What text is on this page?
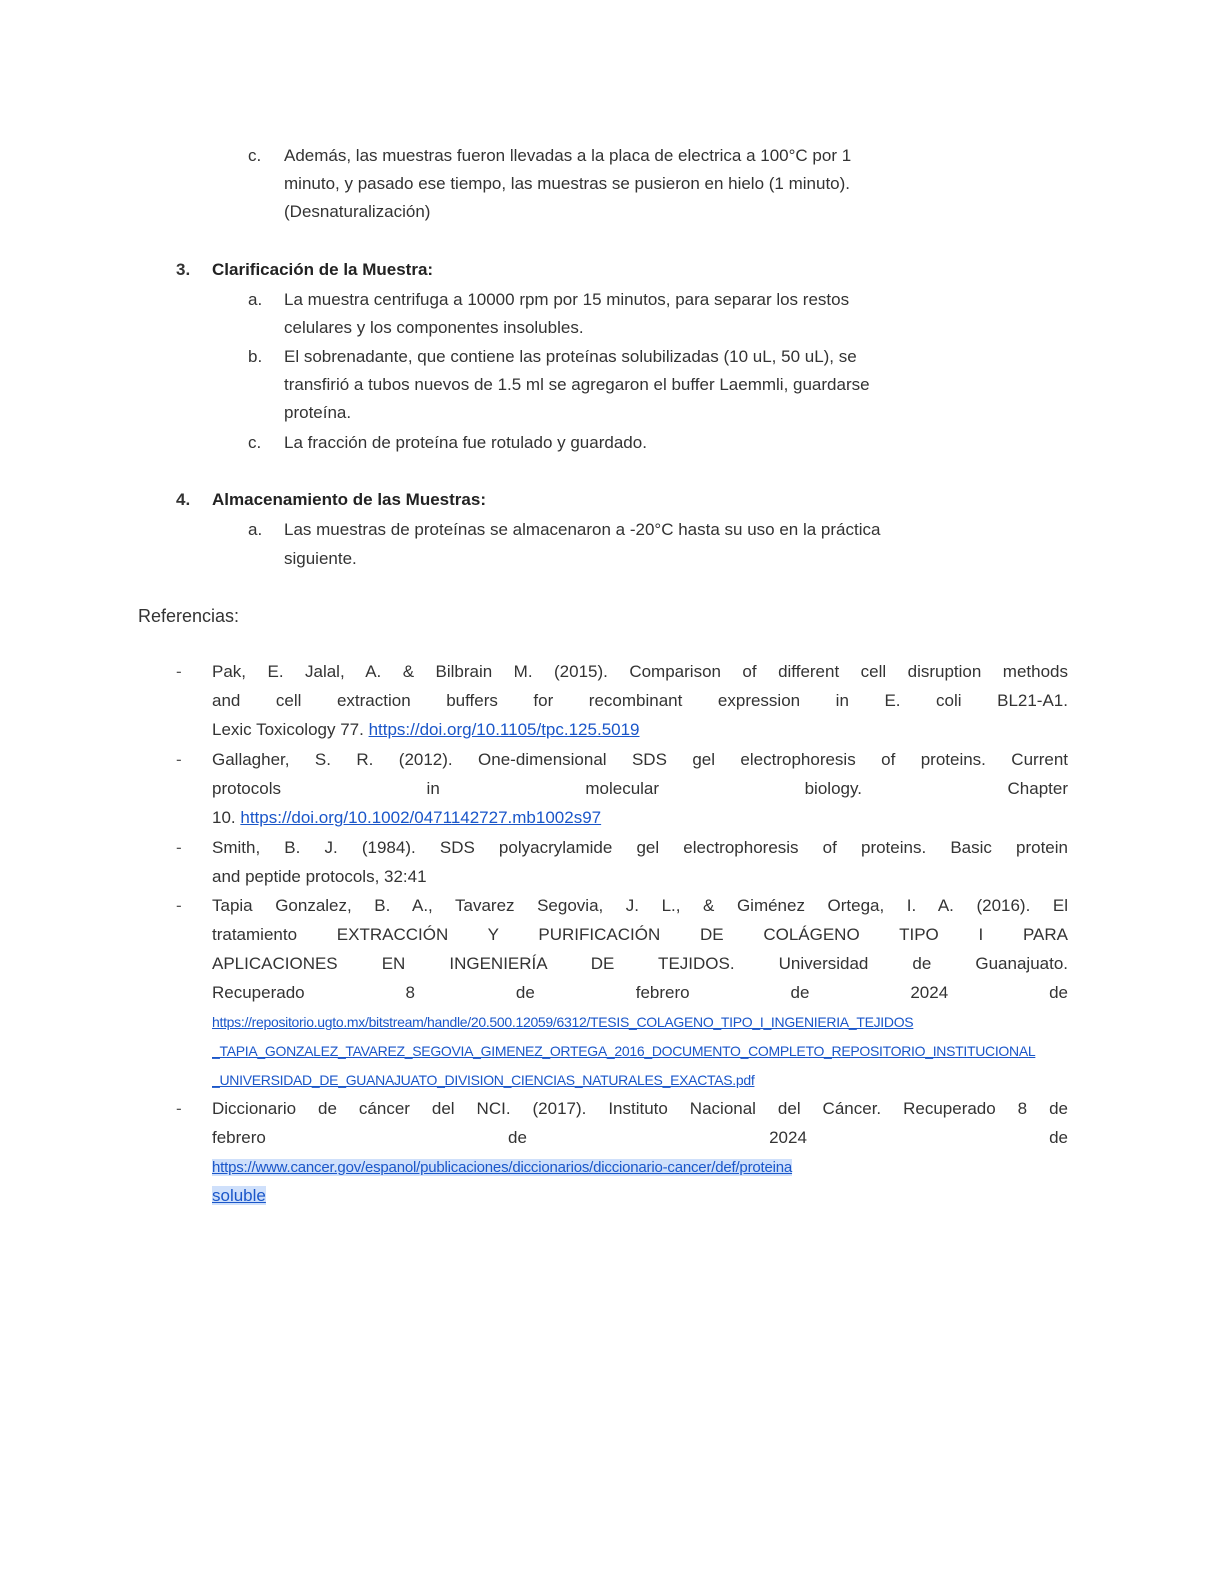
c. Además, las muestras fueron llevadas a la placa de electrica a 100°C por 1
minuto, y pasado ese tiempo, las muestras se pusieron en hielo (1 minuto).
(Desnaturalización)
3. Clarificación de la Muestra:
a. La muestra centrifuga a 10000 rpm por 15 minutos, para separar los restos
celulares y los componentes insolubles.
b. El sobrenadante, que contiene las proteínas solubilizadas (10 uL, 50 uL), se
transfirió a tubos nuevos de 1.5 ml se agregaron el buffer Laemmli, guardarse
proteína.
c. La fracción de proteína fue rotulado y guardado.
4. Almacenamiento de las Muestras:
a. Las muestras de proteínas se almacenaron a -20°C hasta su uso en la práctica
siguiente.
Referencias:
- Pak, E. Jalal, A. & Bilbrain M. (2015). Comparison of different cell disruption methods
and cell extraction buffers for recombinant expression in E. coli BL21-A1.
Lexic Toxicology 77. https://doi.org/10.1105/tpc.125.5019
- Gallagher, S. R. (2012). One-dimensional SDS gel electrophoresis of proteins. Current
protocols in molecular biology. Chapter
10. https://doi.org/10.1002/0471142727.mb1002s97
- Smith, B. J. (1984). SDS polyacrylamide gel electrophoresis of proteins. Basic protein
and peptide protocols, 32:41
- Tapia Gonzalez, B. A., Tavarez Segovia, J. L., & Giménez Ortega, I. A. (2016). El
tratamiento EXTRACCIÓN Y PURIFICACIÓN DE COLÁGENO TIPO I PARA
APLICACIONES EN INGENIERÍA DE TEJIDOS. Universidad de Guanajuato.
Recuperado 8 de febrero de 2024 de
https://repositorio.ugto.mx/bitstream/handle/20.500.12059/6312/TESIS_COLAGENO_TIPO_I_INGENIERIA_TEJIDOS
_TAPIA_GONZALEZ_TAVAREZ_SEGOVIA_GIMENEZ_ORTEGA_2016_DOCUMENTO_COMPLETO_REPOSITORIO_INSTITUCIONAL
_UNIVERSIDAD_DE_GUANAJUATO_DIVISION_CIENCIAS_NATURALES_EXACTAS.pdf
- Diccionario de cáncer del NCI. (2017). Instituto Nacional del Cáncer. Recuperado 8 de
febrero de 2024 de
https://www.cancer.gov/espanol/publicaciones/diccionarios/diccionario-cancer/def/proteina
soluble
